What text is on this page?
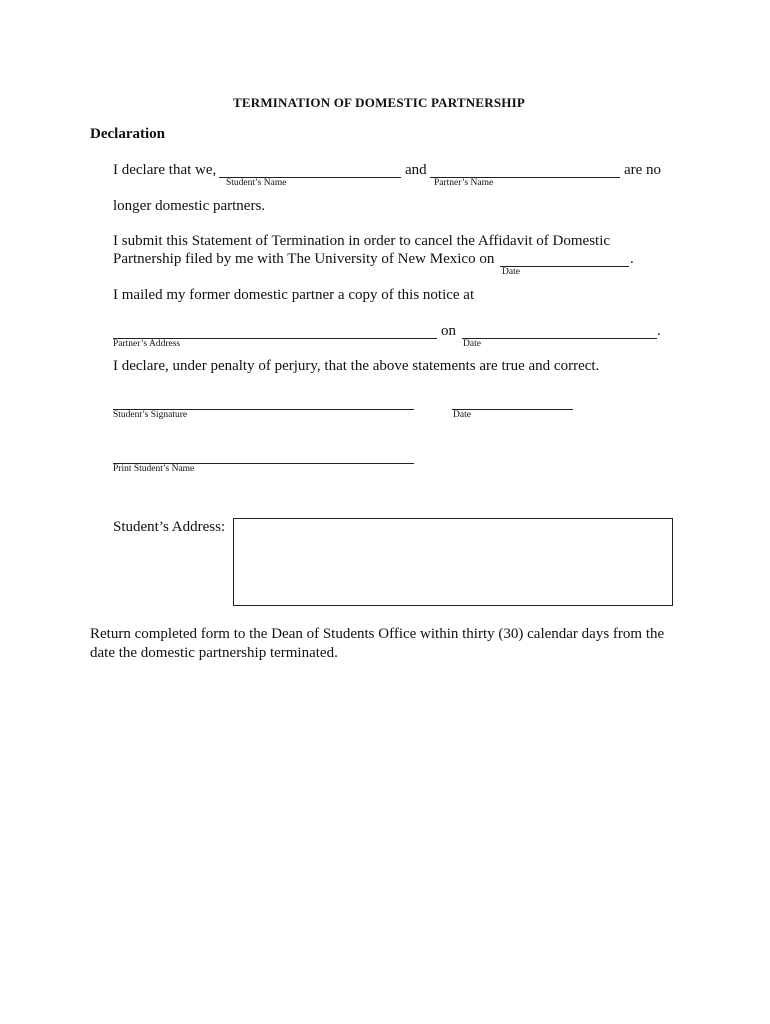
TERMINATION OF DOMESTIC PARTNERSHIP
Declaration
I declare that we,
Student’s Name
and
Partner’s Name
are no
longer domestic partners.
I submit this Statement of Termination in order to cancel the Affidavit of Domestic
Partnership filed by me with The University of New Mexico on	.
Date
I mailed my former domestic partner a copy of this notice at
Partner’s Address
on
Date
.
I declare, under penalty of perjury, that the above statements are true and correct.
Student’s Signature	Date
Print Student’s Name
Student’s Address:
Return completed form to the Dean of Students Office within thirty (30) calendar days from the
date the domestic partnership terminated.
